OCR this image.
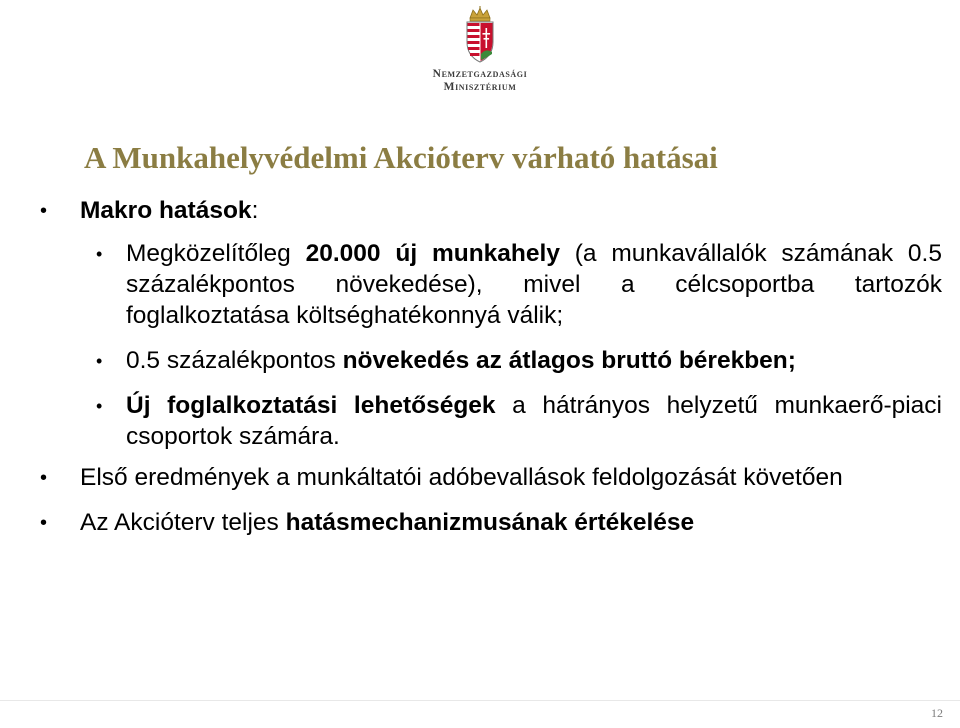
Nemzetgazdasági
Minisztérium
A Munkahelyvédelmi Akcióterv várható hatásai
• Makro hatások:
• Megközelítőleg 20.000 új munkahely (a munkavállalók számának 0.5 százalékpontos növekedése), mivel a célcsoportba tartozók foglalkoztatása költséghatékonnyá válik;
• 0.5 százalékpontos növekedés az átlagos bruttó bérekben;
• Új foglalkoztatási lehetőségek a hátrányos helyzetű munkaerő-piaci csoportok számára.
• Első eredmények a munkáltatói adóbevallások feldolgozását követően
• Az Akcióterv teljes hatásmechanizmusának értékelése
12
